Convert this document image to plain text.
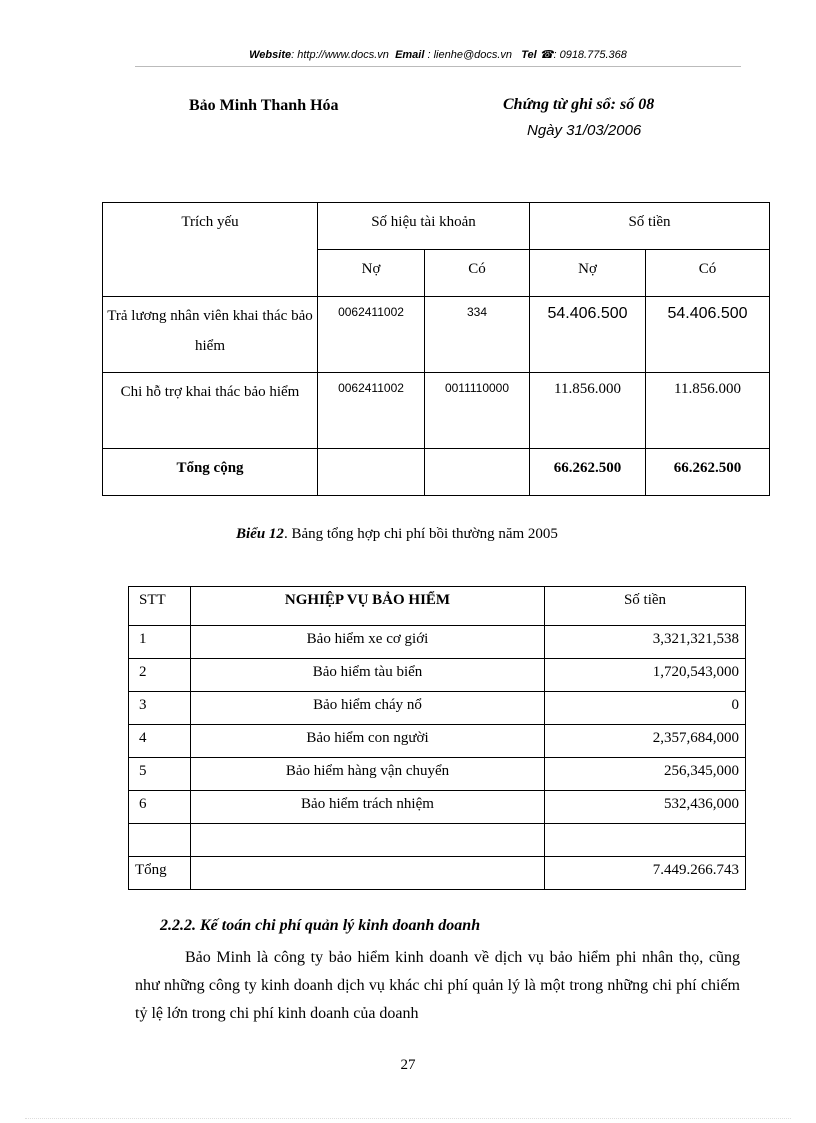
Website: http://www.docs.vn Email : lienhe@docs.vn Tel ☎: 0918.775.368
Bảo Minh Thanh Hóa	Chứng từ ghi sổ: số 08
Ngày 31/03/2006
Trích yếu	Số hiệu tài khoản		Số tiền	
	Nợ	Có	Nợ	Có
Trả lương nhân viên khai thác bảo hiểm	0062411002	334	54.406.500	54.406.500
Chi hỗ trợ khai thác bảo hiểm	0062411002	0011110000	11.856.000	11.856.000
Tổng cộng			66.262.500	66.262.500
Biểu 12. Bảng tổng hợp chi phí bồi thường năm 2005
STT	NGHIỆP VỤ BẢO HIỂM	Số tiền
1	Bảo hiểm xe cơ giới	3,321,321,538
2	Bảo hiểm tàu biển	1,720,543,000
3	Bảo hiểm cháy nổ	0
4	Bảo hiểm con người	2,357,684,000
5	Bảo hiểm hàng vận chuyển	256,345,000
6	Bảo hiểm trách nhiệm	532,436,000

Tổng		7.449.266.743
2.2.2. Kế toán chi phí quản lý kinh doanh doanh
Bảo Minh là công ty bảo hiểm kinh doanh về dịch vụ bảo hiểm phi nhân thọ, cũng như những công ty kinh doanh dịch vụ khác chi phí quản lý là một trong những chi phí chiếm tỷ lệ lớn trong chi phí kinh doanh của doanh
27
